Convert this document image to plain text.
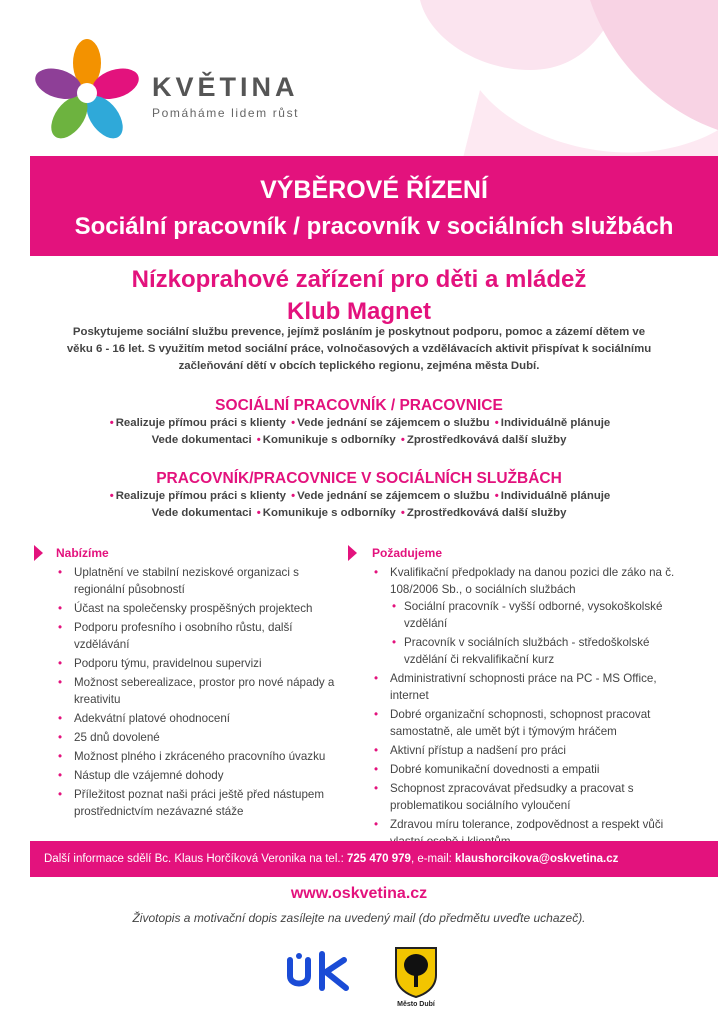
KVĚTINA
Pomáháme lidem růst
VÝBĚROVÉ ŘÍZENÍ
Sociální pracovník / pracovník v sociálních službách
Nízkoprahové zařízení pro děti a mládež
Klub Magnet
Poskytujeme sociální službu prevence, jejímž posláním je poskytnout podporu, pomoc a zázemí dětem ve
věku 6 - 16 let. S využitím metod sociální práce, volnočasových a vzdělávacích aktivit přispívat k sociálnímu
začleňování dětí v obcích teplického regionu, zejména města Dubí.
SOCIÁLNÍ PRACOVNÍK / PRACOVNICE
• Realizuje přímou práci s klienty • Vede jednání se zájemcem o službu • Individuálně plánuje
Vede dokumentaci • Komunikuje s odborníky • Zprostředkovává další služby
PRACOVNÍK/PRACOVNICE V SOCIÁLNÍCH SLUŽBÁCH
• Realizuje přímou práci s klienty • Vede jednání se zájemcem o službu • Individuálně plánuje
Vede dokumentaci • Komunikuje s odborníky • Zprostředkovává další služby
Nabízíme
• Uplatnění ve stabilní neziskové organizaci s regionální působností
• Účast na společensky prospěšných projektech
• Podporu profesního i osobního růstu, další vzdělávání
• Podporu týmu, pravidelnou supervizi
• Možnost seberealizace, prostor pro nové nápady a kreativitu
• Adekvátní platové ohodnocení
• 25 dnů dovolené
• Možnost plného i zkráceného pracovního úvazku
• Nástup dle vzájemné dohody
• Příležitost poznat naši práci ještě před nástupem prostřednictvím nezávazné stáže
Požadujeme
• Kvalifikační předpoklady na danou pozici dle záko na č. 108/2006 Sb., o sociálních službách
• Sociální pracovník - vyšší odborné, vysokoškolské vzdělání
• Pracovník v sociálních službách - středoškolské vzdělání či rekvalifikační kurz
• Administrativní schopnosti práce na PC - MS Office, internet
• Dobré organizační schopnosti, schopnost pracovat samostatně, ale umět být i týmovým hráčem
• Aktivní přístup a nadšení pro práci
• Dobré komunikační dovednosti a empatii
• Schopnost zpracovávat předsudky a pracovat s problematikou sociálního vyloučení
• Zdravou míru tolerance, zodpovědnost a respekt vůči
Další informace sdělí Bc. Klaus Horčíková Veronika na tel.: 725 470 979, e-mail: klaushorcikova@oskvetina.cz
www.oskvetina.cz
Životopis a motivační dopis zasílejte na uvedený mail (do předmětu uveďte uchazeč).
Město Dubí
